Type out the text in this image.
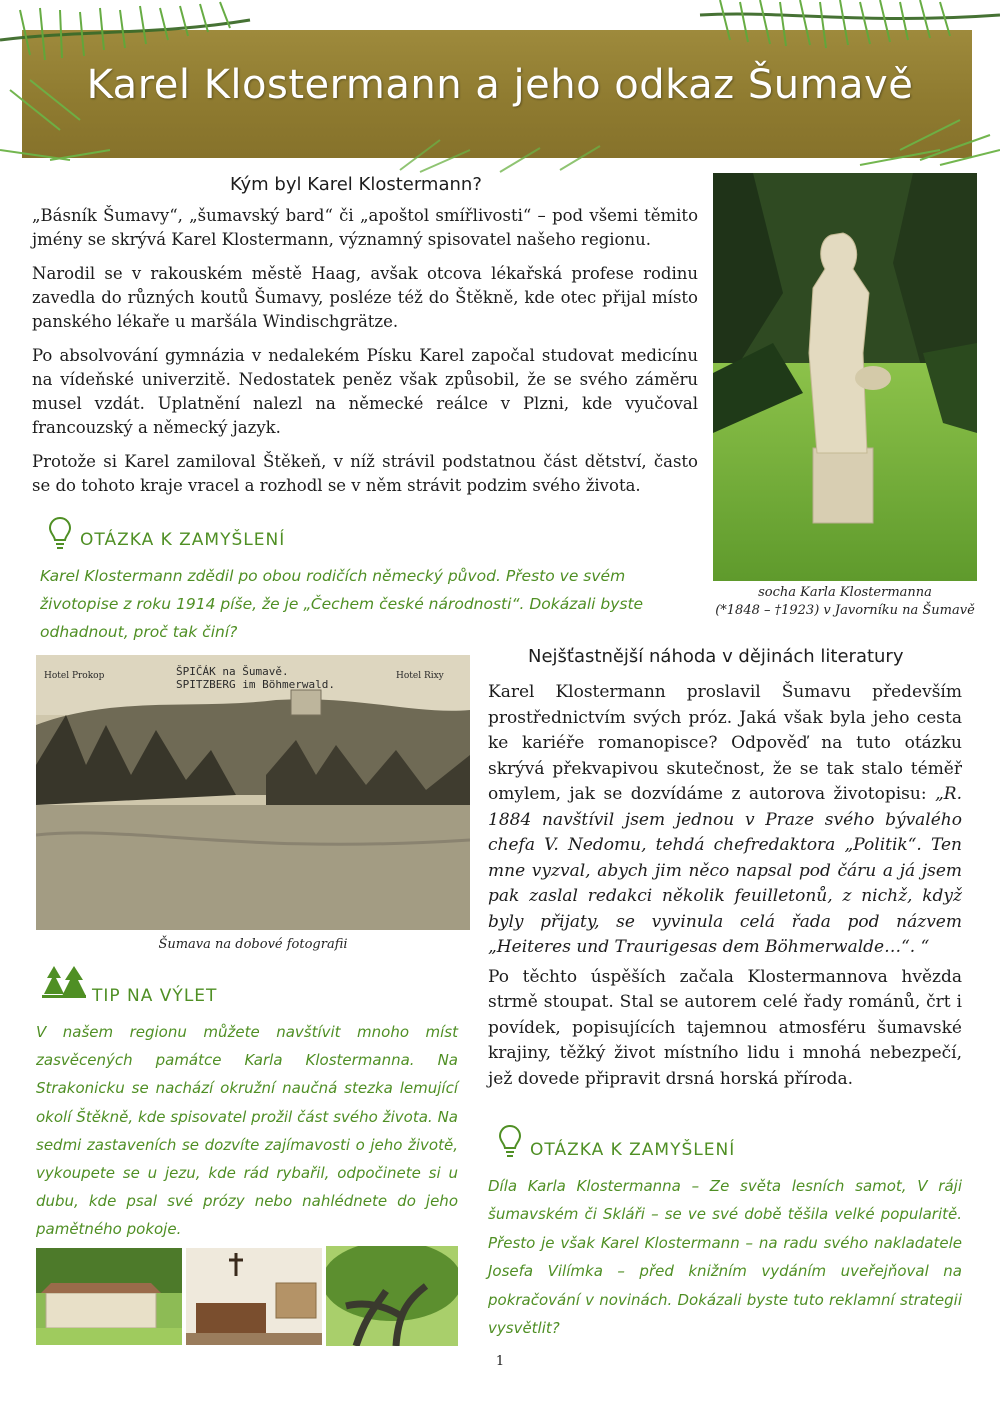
Karel Klostermann a jeho odkaz Šumavě
Kým byl Karel Klostermann?

„Básník Šumavy“, „šumavský bard“ či „apoštol smířlivosti“ – pod všemi těmito jmény se skrývá Karel Klostermann, významný spisovatel našeho regionu.

Narodil se v rakouském městě Haag, avšak otcova lékařská profese rodinu zavedla do různých koutů Šumavy, posléze též do Štěkně, kde otec přijal místo panského lékaře u maršála Windischgrätze.

Po absolvování gymnázia v nedalekém Písku Karel započal studovat medicínu na vídeňské univerzitě. Nedostatek peněz však způsobil, že se svého záměru musel vzdát. Uplatnění nalezl na německé reálce v Plzni, kde vyučoval francouzský a německý jazyk.

Protože si Karel zamiloval Štěkeň, v níž strávil podstatnou část dětství, často se do tohoto kraje vracel a rozhodl se v něm strávit podzim svého života.

socha Karla Klostermanna
(*1848 – †1923) v Javorníku na Šumavě
OTÁZKA K ZAMYŠLENÍ
Karel Klostermann zdědil po obou rodičích německý původ. Přesto ve svém životopise z roku 1914 píše, že je „Čechem české národnosti“. Dokázali byste odhadnout, proč tak činí?
Hotel Prokop	ŠPIČÁK na Šumavě.
SPITZBERG im Böhmerwald.
Hotel Rixy
Šumava na dobové fotografii
Nejšťastnější náhoda v dějinách literatury

Karel Klostermann proslavil Šumavu především prostřednictvím svých próz. Jaká však byla jeho cesta ke kariéře romanopisce? Odpověď na tuto otázku skrývá překvapivou skutečnost, že se tak stalo téměř omylem, jak se dozvídáme z autorova životopisu: „R. 1884 navštívil jsem jednou v Praze svého bývalého chefa V. Nedomu, tehdá chefredaktora „Politik“. Ten mne vyzval, abych jim něco napsal pod čáru a já jsem pak zaslal redakci několik feuilletonů, z nichž, když byly přijaty, se vyvinula celá řada pod názvem „Heiteres und Traurigesas dem Böhmerwalde…“. “

Po těchto úspěších začala Klostermannova hvězda strmě stoupat. Stal se autorem celé řady románů, črt i povídek, popisujících tajemnou atmosféru šumavské krajiny, těžký život místního lidu i mnohá nebezpečí, jež dovede připravit drsná horská příroda.

TIP NA VÝLET
V našem regionu můžete navštívit mnoho míst zasvěcených památce Karla Klostermanna. Na Strakonicku se nachází okružní naučná stezka lemující okolí Štěkně, kde spisovatel prožil část svého života. Na sedmi zastaveních se dozvíte zajímavosti o jeho životě, vykoupete se u jezu, kde rád rybařil, odpočinete si u dubu, kde psal své prózy nebo nahlédnete do jeho pamětného pokoje.
OTÁZKA K ZAMYŠLENÍ
Díla Karla Klostermanna – Ze světa lesních samot, V ráji šumavském či Skláři – se ve své době těšila velké popularitě. Přesto je však Karel Klostermann – na radu svého nakladatele Josefa Vilímka – před knižním vydáním uveřejňoval na pokračování v novinách. Dokázali byste tuto reklamní strategii vysvětlit?
1
